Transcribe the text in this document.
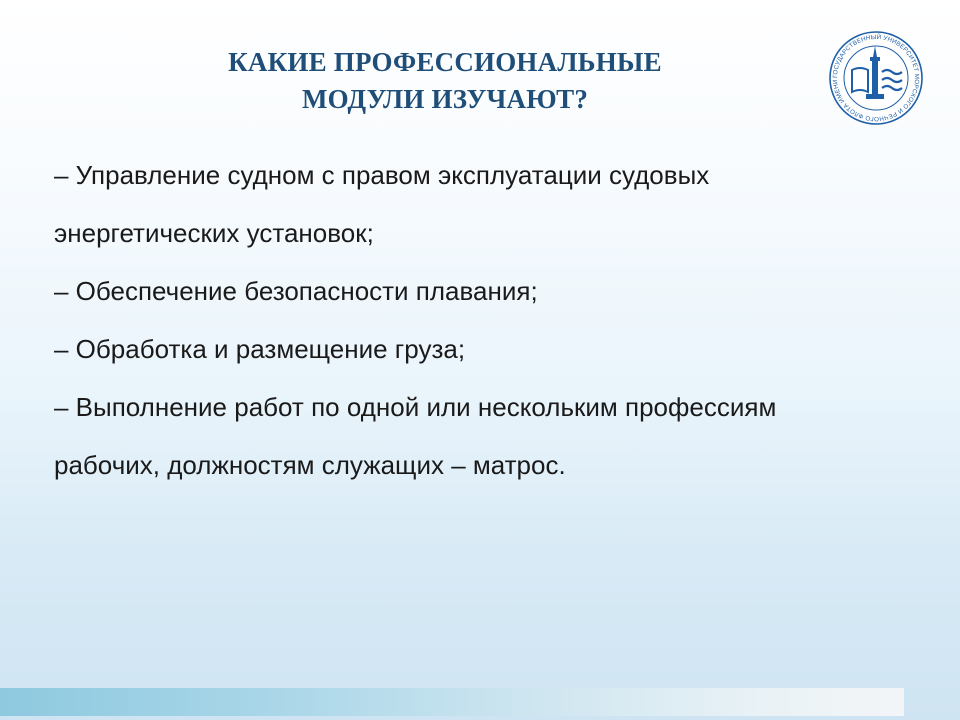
КАКИЕ ПРОФЕССИОНАЛЬНЫЕ
МОДУЛИ ИЗУЧАЮТ?
ГОСУДАРСТВЕННЫЙ УНИВЕРСИТЕТ МОРСКОГО И РЕЧНОГО ФЛОТА ИМЕНИ
– Управление судном с правом эксплуатации судовых
энергетических установок;
– Обеспечение безопасности плавания;
– Обработка и размещение груза;
– Выполнение работ по одной или нескольким профессиям
рабочих, должностям служащих – матрос.
